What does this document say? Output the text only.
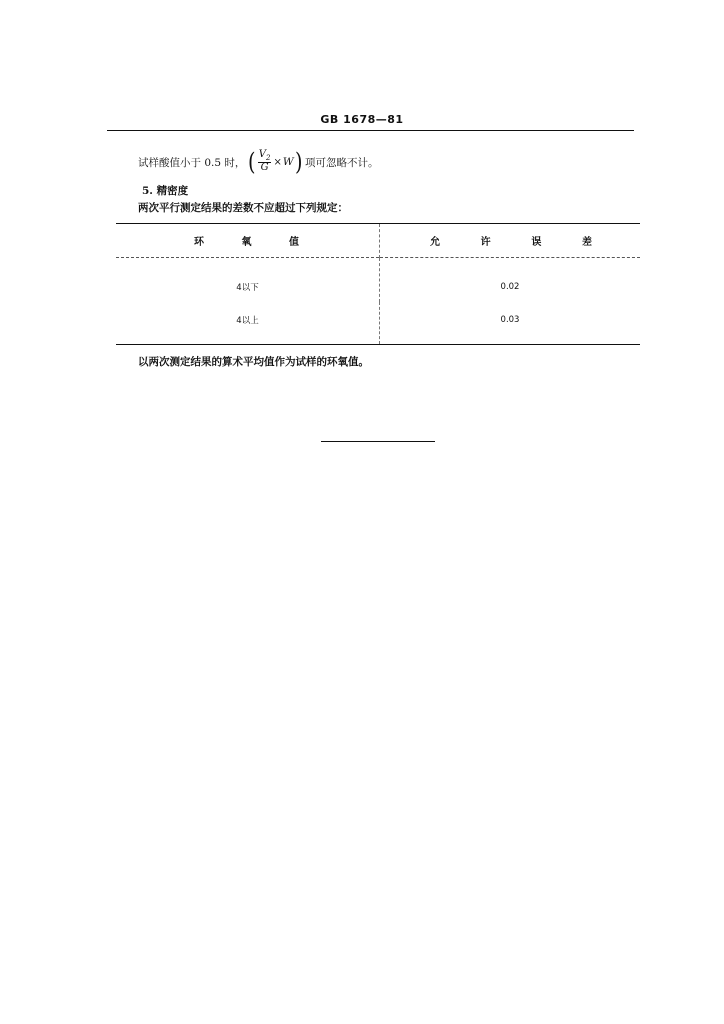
GB 1678—81
试样酸值小于 0.5 时， ( $\frac{V_2}{G} \times W$ ) 项可忽略不计。
5. 精密度
两次平行测定结果的差数不应超过下列规定：
环 氧 值	允 许 误 差

4以下	0.02
4以上	0.03
以两次测定结果的算术平均值作为试样的环氧值。
